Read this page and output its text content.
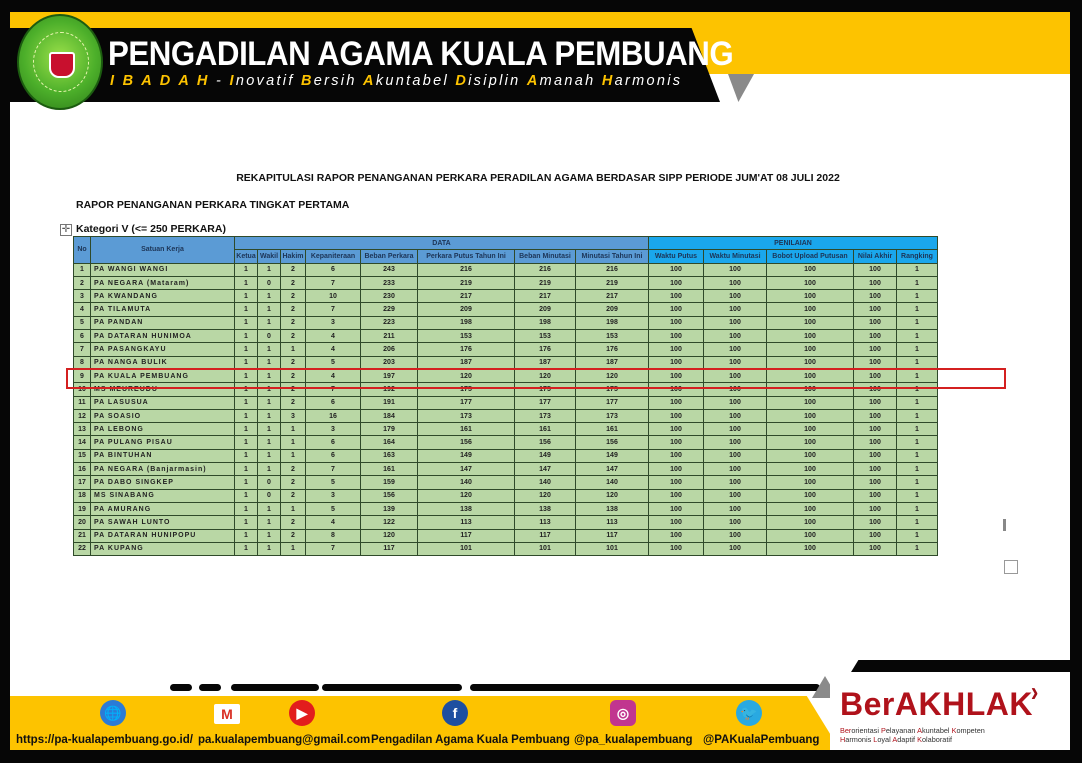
PENGADILAN AGAMA KUALA PEMBUANG
I B A D A H - Inovatif Bersih Akuntabel Disiplin Amanah Harmonis
REKAPITULASI RAPOR PENANGANAN PERKARA PERADILAN AGAMA BERDASAR SIPP PERIODE JUM'AT 08 JULI 2022
RAPOR PENANGANAN PERKARA TINGKAT PERTAMA
✛ Kategori V (<= 250 PERKARA)
No	Satuan Kerja	DATA								PENILAIAN				
		Ketua	Wakil	Hakim	Kepaniteraan	Beban Perkara	Perkara Putus Tahun Ini	Beban Minutasi	Minutasi Tahun Ini	Waktu Putus	Waktu Minutasi	Bobot Upload Putusan	Nilai Akhir	Rangking
1	PA WANGI WANGI	1	1	2	6	243	216	216	216	100	100	100	100	1
2	PA NEGARA (Mataram)	1	0	2	7	233	219	219	219	100	100	100	100	1
3	PA KWANDANG	1	1	2	10	230	217	217	217	100	100	100	100	1
4	PA TILAMUTA	1	1	2	7	229	209	209	209	100	100	100	100	1
5	PA PANDAN	1	1	2	3	223	198	198	198	100	100	100	100	1
6	PA DATARAN HUNIMOA	1	0	2	4	211	153	153	153	100	100	100	100	1
7	PA PASANGKAYU	1	1	1	4	206	176	176	176	100	100	100	100	1
8	PA NANGA BULIK	1	1	2	5	203	187	187	187	100	100	100	100	1
9	PA KUALA PEMBUANG	1	1	2	4	197	120	120	120	100	100	100	100	1
10	MS MEUREUDU	1	1	2	7	192	175	175	175	100	100	100	100	1
11	PA LASUSUA	1	1	2	6	191	177	177	177	100	100	100	100	1
12	PA SOASIO	1	1	3	16	184	173	173	173	100	100	100	100	1
13	PA LEBONG	1	1	1	3	179	161	161	161	100	100	100	100	1
14	PA PULANG PISAU	1	1	1	6	164	156	156	156	100	100	100	100	1
15	PA BINTUHAN	1	1	1	6	163	149	149	149	100	100	100	100	1
16	PA NEGARA (Banjarmasin)	1	1	2	7	161	147	147	147	100	100	100	100	1
17	PA DABO SINGKEP	1	0	2	5	159	140	140	140	100	100	100	100	1
18	MS SINABANG	1	0	2	3	156	120	120	120	100	100	100	100	1
19	PA AMURANG	1	1	1	5	139	138	138	138	100	100	100	100	1
20	PA SAWAH LUNTO	1	1	2	4	122	113	113	113	100	100	100	100	1
21	PA DATARAN HUNIPOPU	1	1	2	8	120	117	117	117	100	100	100	100	1
22	PA KUPANG	1	1	1	7	117	101	101	101	100	100	100	100	1
BerAKHLAK
›
Berorientasi Pelayanan Akuntabel Kompeten
Harmonis Loyal Adaptif Kolaboratif
🌐
https://pa-kualapembuang.go.id/
M
pa.kualapembuang@gmail.com
▶	f
Pengadilan Agama Kuala Pembuang
◎
@pa_kualapembuang
🐦
@PAKualaPembuang
